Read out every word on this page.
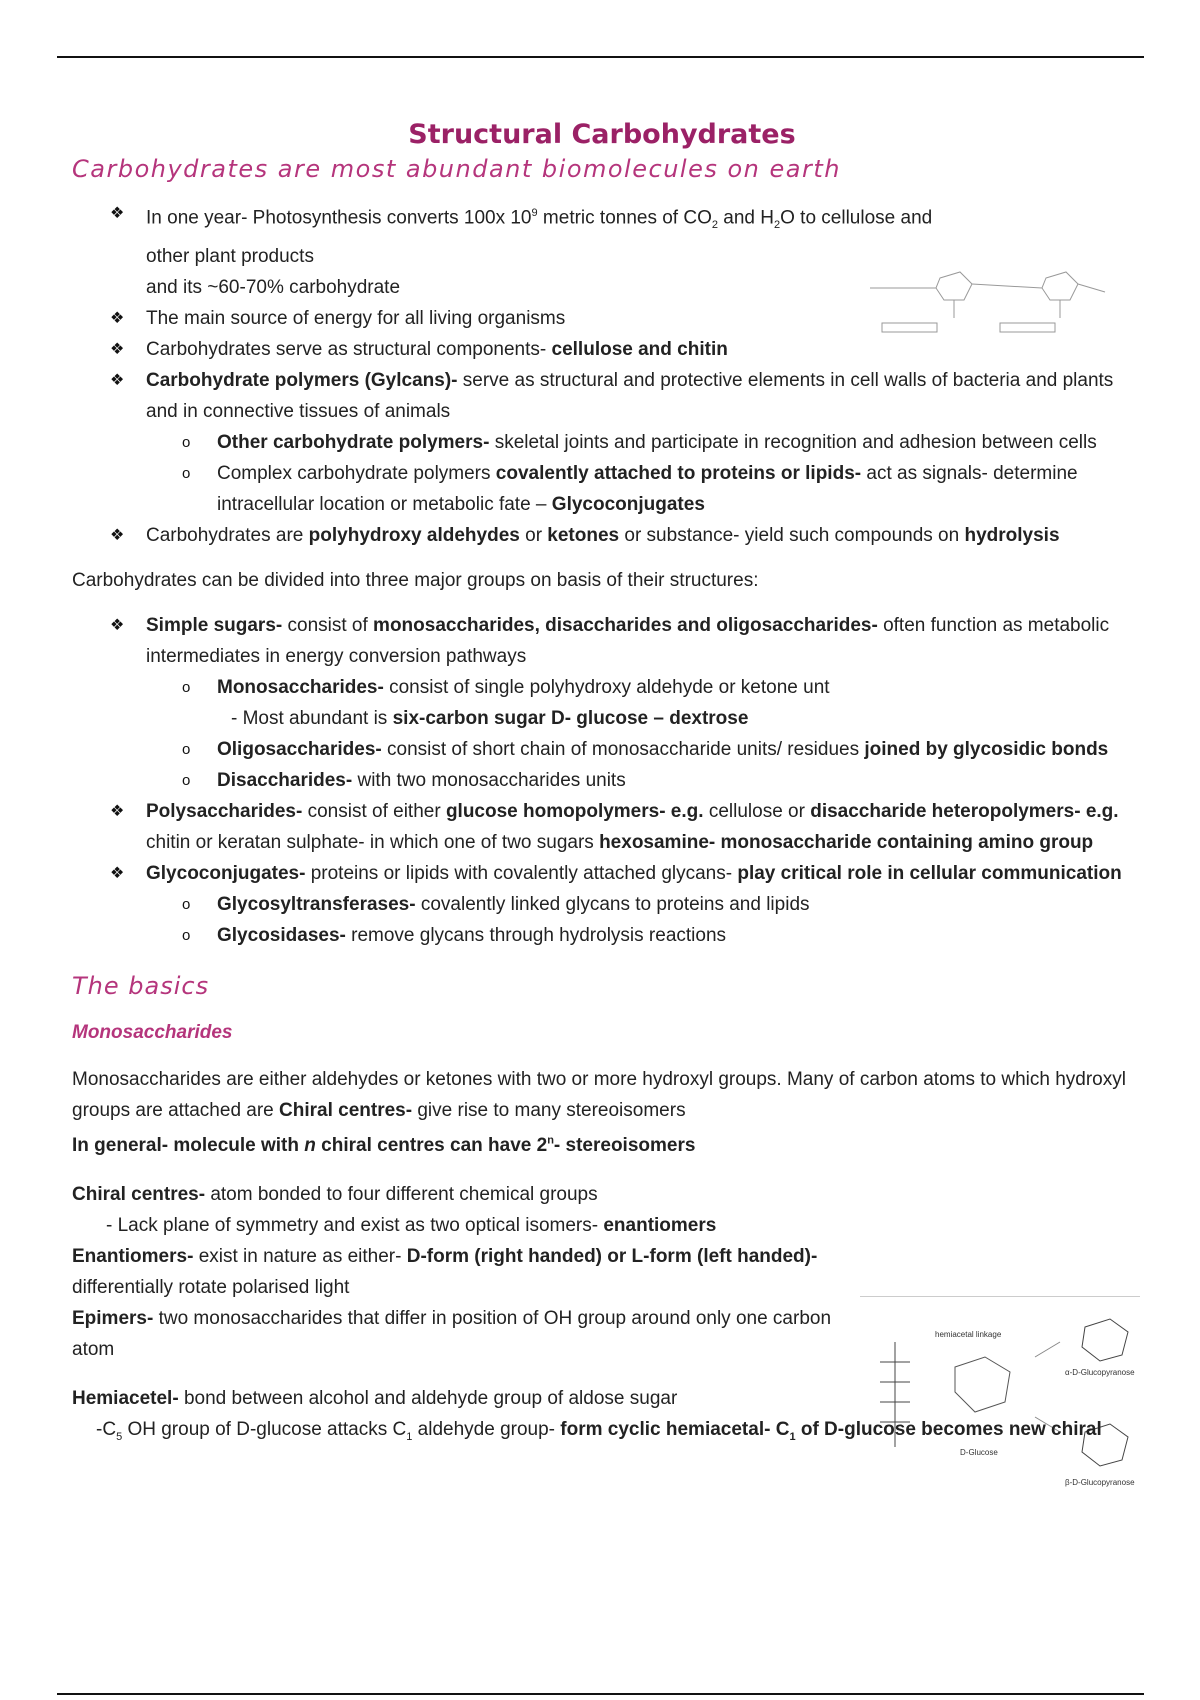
hemiacetal linkage
D-Glucose
α-D-Glucopyranose
β-D-Glucopyranose
Structural Carbohydrates
Carbohydrates are most abundant biomolecules on earth
❖ In one year- Photosynthesis converts 100x $10^9$ metric tonnes of $CO_2$ and $H_2O$ to cellulose and other plant products
and its ~60-70% carbohydrate
❖ The main source of energy for all living organisms
❖ Carbohydrates serve as structural components- cellulose and chitin
❖ Carbohydrate polymers (Gylcans)- serve as structural and protective elements in cell walls of bacteria and plants and in connective tissues of animals
o Other carbohydrate polymers- skeletal joints and participate in recognition and adhesion between cells
o Complex carbohydrate polymers covalently attached to proteins or lipids- act as signals- determine intracellular location or metabolic fate – Glycoconjugates
❖ Carbohydrates are polyhydroxy aldehydes or ketones or substance- yield such compounds on hydrolysis

Carbohydrates can be divided into three major groups on basis of their structures:

❖ Simple sugars- consist of monosaccharides, disaccharides and oligosaccharides- often function as metabolic intermediates in energy conversion pathways
o Monosaccharides- consist of single polyhydroxy aldehyde or ketone unt
- Most abundant is six-carbon sugar D- glucose – dextrose
o Oligosaccharides- consist of short chain of monosaccharide units/ residues joined by glycosidic bonds
o Disaccharides- with two monosaccharides units
❖ Polysaccharides- consist of either glucose homopolymers- e.g. cellulose or disaccharide heteropolymers- e.g. chitin or keratan sulphate- in which one of two sugars hexosamine- monosaccharide containing amino group
❖ Glycoconjugates- proteins or lipids with covalently attached glycans- play critical role in cellular communication
o Glycosyltransferases- covalently linked glycans to proteins and lipids
o Glycosidases- remove glycans through hydrolysis reactions
The basics
Monosaccharides

Monosaccharides are either aldehydes or ketones with two or more hydroxyl groups. Many of carbon atoms to which hydroxyl groups are attached are Chiral centres- give rise to many stereoisomers

In general- molecule with n chiral centres can have 2$^n$- stereoisomers

Chiral centres- atom bonded to four different chemical groups

- Lack plane of symmetry and exist as two optical isomers- enantiomers

Enantiomers- exist in nature as either- D-form (right handed) or L-form (left handed)- differentially rotate polarised light

Epimers- two monosaccharides that differ in position of OH group around only one carbon atom

Hemiacetel- bond between alcohol and aldehyde group of aldose sugar

$-C_5$ OH group of D-glucose attacks $C_1$ aldehyde group- form cyclic hemiacetal- $C_1$ of D-glucose becomes new chiral
